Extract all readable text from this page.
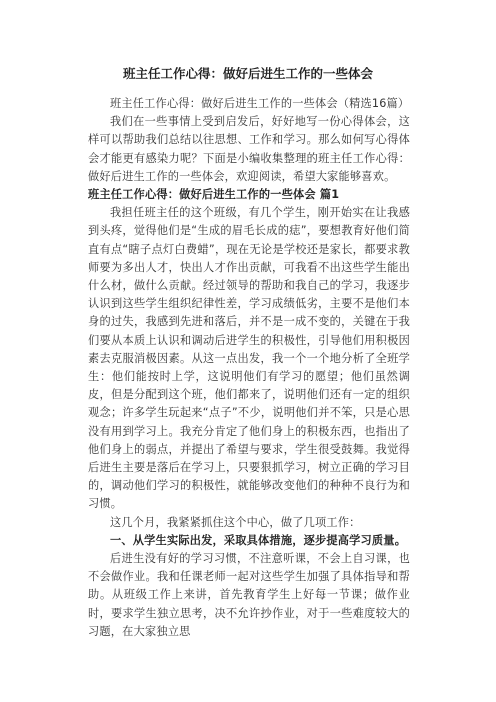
班主任工作心得：做好后进生工作的一些体会

班主任工作心得：做好后进生工作的一些体会（精选16篇）

我们在一些事情上受到启发后，好好地写一份心得体会，这样可以帮助我们总结以往思想、工作和学习。那么如何写心得体会才能更有感染力呢？下面是小编收集整理的班主任工作心得：做好后进生工作的一些体会，欢迎阅读，希望大家能够喜欢。

班主任工作心得：做好后进生工作的一些体会 篇1

我担任班主任的这个班级，有几个学生，刚开始实在让我感到头疼，觉得他们是“生成的眉毛长成的痣”，要想教育好他们简直有点“瞎子点灯白费蜡”，现在无论是学校还是家长，都要求教师要为多出人才，快出人才作出贡献，可我看不出这些学生能出什么材，做什么贡献。经过领导的帮助和我自己的学习，我逐步认识到这些学生组织纪律性差，学习成绩低劣，主要不是他们本身的过失，我感到先进和落后，并不是一成不变的，关键在于我们要从本质上认识和调动后进学生的积极性，引导他们用积极因素去克服消极因素。从这一点出发，我一个一个地分析了全班学生：他们能按时上学，这说明他们有学习的愿望；他们虽然调皮，但是分配到这个班，他们都来了，说明他们还有一定的组织观念；许多学生玩起来“点子”不少，说明他们并不笨，只是心思没有用到学习上。我充分肯定了他们身上的积极东西，也指出了他们身上的弱点，并提出了希望与要求，学生很受鼓舞。我觉得后进生主要是落后在学习上，只要狠抓学习，树立正确的学习目的，调动他们学习的积极性，就能够改变他们的种种不良行为和习惯。

这几个月，我紧紧抓住这个中心，做了几项工作：

一、从学生实际出发，采取具体措施，逐步提高学习质量。

后进生没有好的学习习惯，不注意听课，不会上自习课，也不会做作业。我和任课老师一起对这些学生加强了具体指导和帮助。从班级工作上来讲，首先教育学生上好每一节课；做作业时，要求学生独立思考，决不允许抄作业，对于一些难度较大的习题，在大家独立思
